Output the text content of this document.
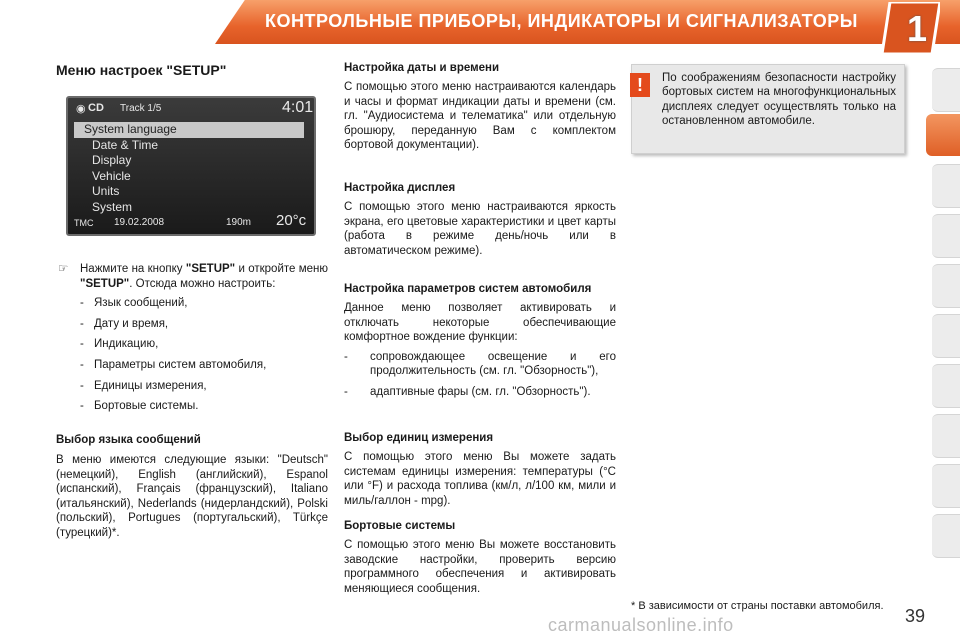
КОНТРОЛЬНЫЕ ПРИБОРЫ, ИНДИКАТОРЫ И СИГНАЛИЗАТОРЫ 1
Меню настроек "SETUP"
◉ CD Track 1/5	4:01
System language
Date & Time
Display
Vehicle
Units
System
TMC 19.02.2008	190m 20°c

☞ Нажмите на кнопку "SETUP" и откройте меню "SETUP". Отсюда можно настроить:

- Язык сообщений,
- Дату и время,
- Индикацию,
- Параметры систем автомобиля,
- Единицы измерения,
- Бортовые системы.
Выбор языка сообщений

В меню имеются следующие языки: "Deutsch" (немецкий), English (английский), Espanol (испанский), Français (французский), Italiano (итальянский), Nederlands (нидерландский), Polski (польский), Portugues (португальский), Türkçe (турецкий)*.

Настройка даты и времени

С помощью этого меню настраиваются календарь и часы и формат индикации даты и времени (см. гл. "Аудиосистема и телематика" или отдельную брошюру, переданную Вам с комплектом бортовой документации).

Настройка дисплея

С помощью этого меню настраиваются яркость экрана, его цветовые характеристики и цвет карты (работа в режиме день/ночь или в автоматическом режиме).

Настройка параметров систем автомобиля

Данное меню позволяет активировать и отключать некоторые обеспечивающие комфортное вождение функции:

- сопровождающее освещение и его продолжительность (см. гл. "Обзорность"),
- адаптивные фары (см. гл. "Обзорность").
Выбор единиц измерения

С помощью этого меню Вы можете задать системам единицы измерения: температуры (°С или °F) и расхода топлива (км/л, л/100 км, мили и миль/галлон - mpg).

Бортовые системы

С помощью этого меню Вы можете восстановить заводские настройки, проверить версию программного обеспечения и активировать меняющиеся сообщения.

!	По соображениям безопасности настройку бортовых систем на многофункциональных дисплеях следует осуществлять только на остановленном автомобиле.
* В зависимости от страны поставки автомобиля.
carmanualsonline.info	39
